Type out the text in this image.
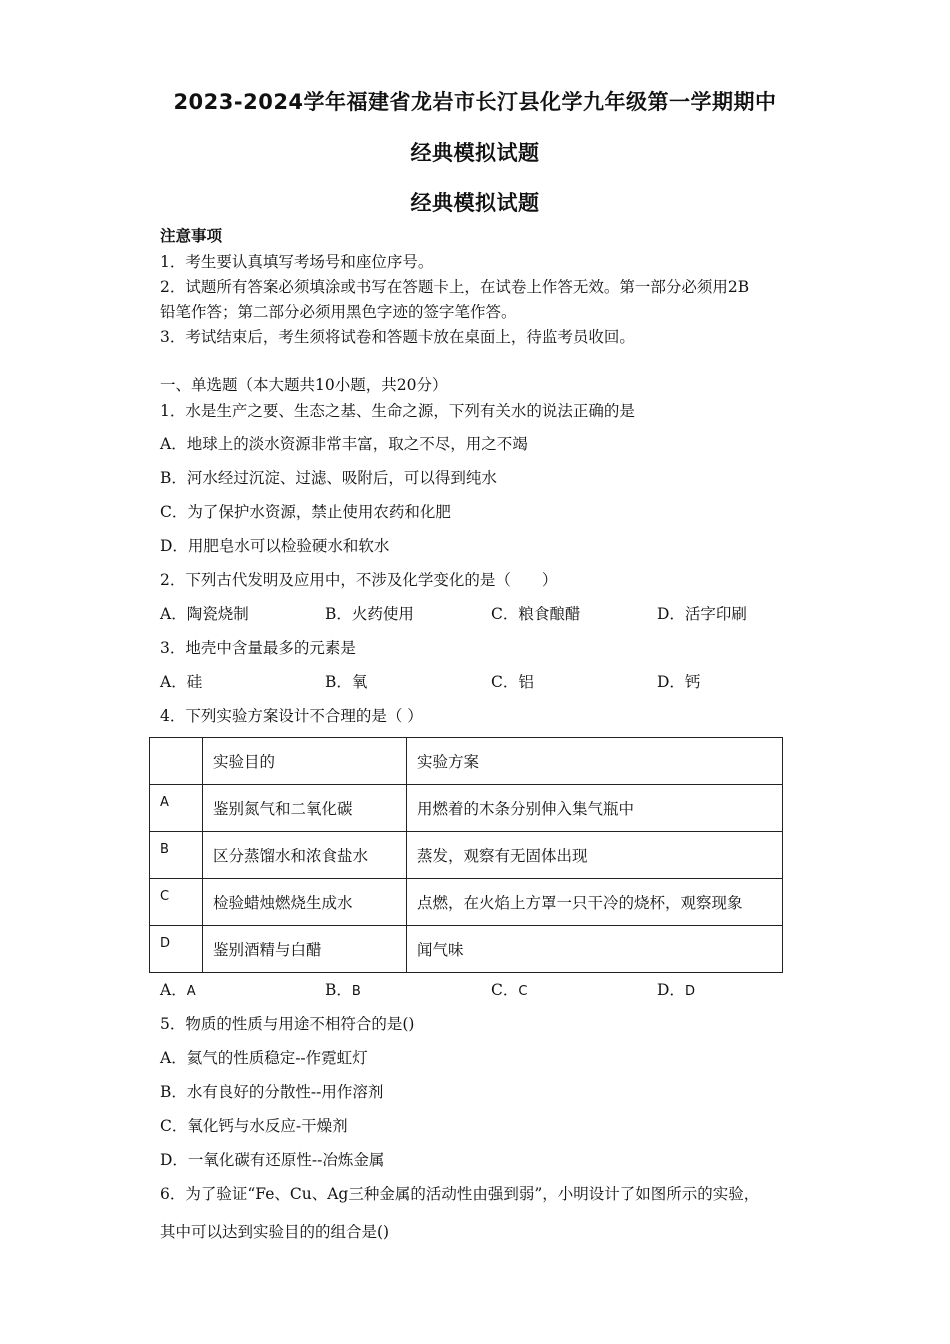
2023-2024学年福建省龙岩市长汀县化学九年级第一学期期中
经典模拟试题
经典模拟试题
注意事项
1．考生要认真填写考场号和座位序号。
2．试题所有答案必须填涂或书写在答题卡上，在试卷上作答无效。第一部分必须用2B
铅笔作答；第二部分必须用黑色字迹的签字笔作答。
3．考试结束后，考生须将试卷和答题卡放在桌面上，待监考员收回。
一、单选题（本大题共10小题，共20分）
1．水是生产之要、生态之基、生命之源，下列有关水的说法正确的是
A．地球上的淡水资源非常丰富，取之不尽，用之不竭
B．河水经过沉淀、过滤、吸附后，可以得到纯水
C．为了保护水资源，禁止使用农药和化肥
D．用肥皂水可以检验硬水和软水
2．下列古代发明及应用中，不涉及化学变化的是（　　）
A．陶瓷烧制	B．火药使用	C．粮食酿醋	D．活字印刷
3．地壳中含量最多的元素是
A．硅	B．氧	C．铝	D．钙
4．下列实验方案设计不合理的是（ ）
	实验目的	实验方案
A	鉴别氮气和二氧化碳	用燃着的木条分别伸入集气瓶中
B	区分蒸馏水和浓食盐水	蒸发，观察有无固体出现
C	检验蜡烛燃烧生成水	点燃，在火焰上方罩一只干冷的烧杯，观察现象
D	鉴别酒精与白醋	闻气味
A．A	B．B	C．C	D．D
5．物质的性质与用途不相符合的是()
A．氦气的性质稳定--作霓虹灯
B．水有良好的分散性--用作溶剂
C．氧化钙与水反应-干燥剂
D．一氧化碳有还原性--冶炼金属
6．为了验证“Fe、Cu、Ag三种金属的活动性由强到弱”，小明设计了如图所示的实验，
其中可以达到实验目的的组合是()
